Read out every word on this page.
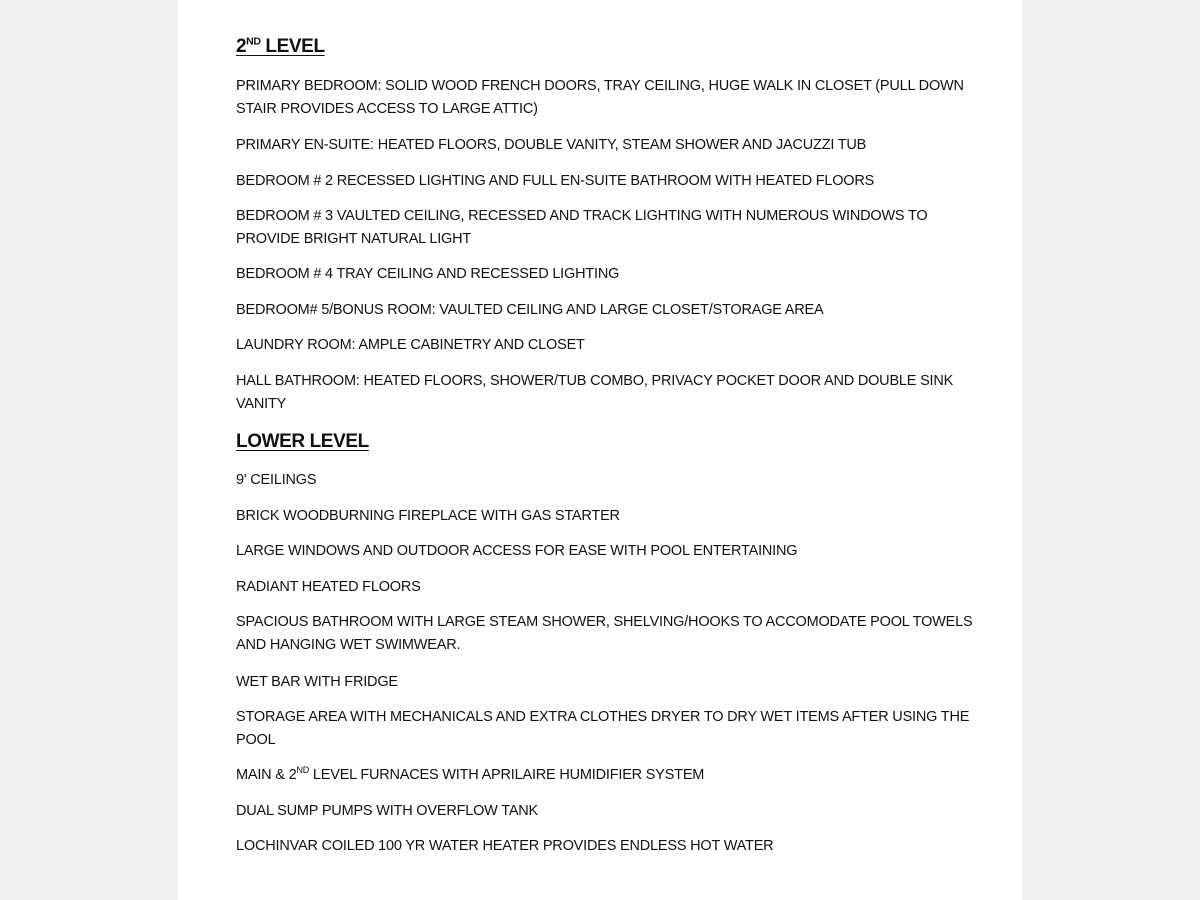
2ND LEVEL
PRIMARY BEDROOM: SOLID WOOD FRENCH DOORS, TRAY CEILING, HUGE WALK IN CLOSET (PULL DOWN STAIR PROVIDES ACCESS TO LARGE ATTIC)
PRIMARY EN-SUITE: HEATED FLOORS, DOUBLE VANITY, STEAM SHOWER AND JACUZZI TUB
BEDROOM # 2 RECESSED LIGHTING AND FULL EN-SUITE BATHROOM WITH HEATED FLOORS
BEDROOM # 3 VAULTED CEILING, RECESSED AND TRACK LIGHTING WITH NUMEROUS WINDOWS TO PROVIDE BRIGHT NATURAL LIGHT
BEDROOM # 4 TRAY CEILING AND RECESSED LIGHTING
BEDROOM# 5/BONUS ROOM: VAULTED CEILING AND LARGE CLOSET/STORAGE AREA
LAUNDRY ROOM: AMPLE CABINETRY AND CLOSET
HALL BATHROOM: HEATED FLOORS, SHOWER/TUB COMBO, PRIVACY POCKET DOOR AND DOUBLE SINK VANITY
LOWER LEVEL
9' CEILINGS
BRICK WOODBURNING FIREPLACE WITH GAS STARTER
LARGE WINDOWS AND OUTDOOR ACCESS FOR EASE WITH POOL ENTERTAINING
RADIANT HEATED FLOORS
SPACIOUS BATHROOM WITH LARGE STEAM SHOWER, SHELVING/HOOKS TO ACCOMODATE POOL TOWELS AND HANGING WET SWIMWEAR.
WET BAR WITH FRIDGE
STORAGE AREA WITH MECHANICALS AND EXTRA CLOTHES DRYER TO DRY WET ITEMS AFTER USING THE POOL
MAIN & 2ND LEVEL FURNACES WITH APRILAIRE HUMIDIFIER SYSTEM
DUAL SUMP PUMPS WITH OVERFLOW TANK
LOCHINVAR COILED 100 YR WATER HEATER PROVIDES ENDLESS HOT WATER
